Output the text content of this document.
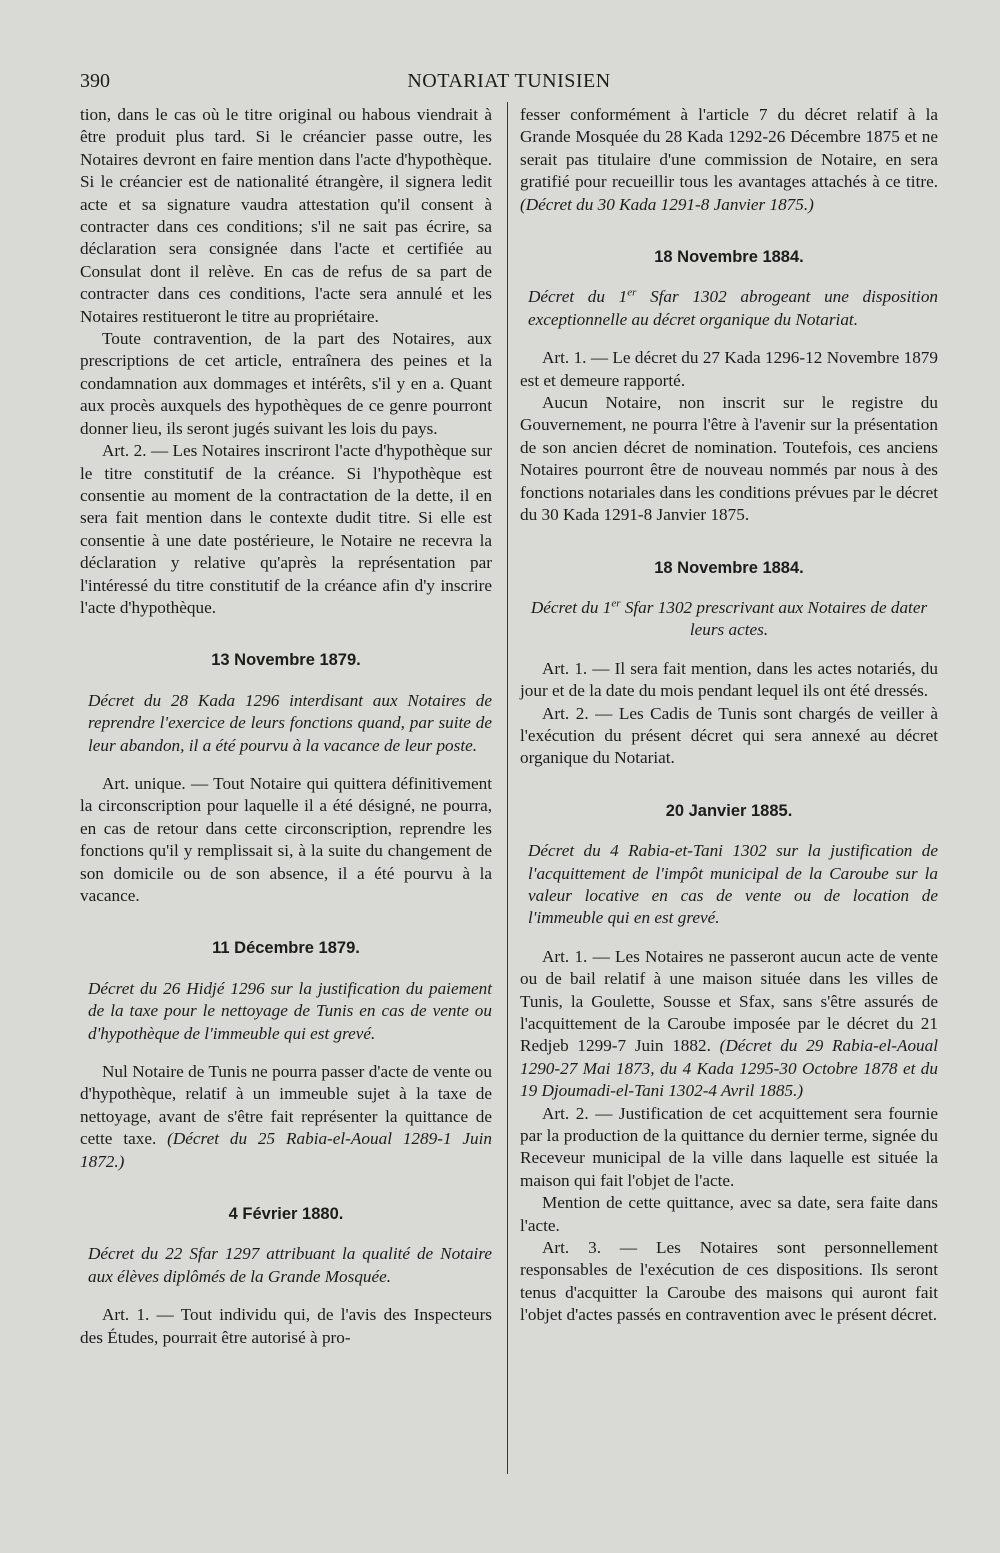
390	NOTARIAT TUNISIEN

tion, dans le cas où le titre original ou habous viendrait à être produit plus tard. Si le créancier passe outre, les Notaires devront en faire mention dans l'acte d'hypothèque. Si le créancier est de nationalité étrangère, il signera ledit acte et sa signature vaudra attestation qu'il consent à contracter dans ces conditions; s'il ne sait pas écrire, sa déclaration sera consignée dans l'acte et certifiée au Consulat dont il relève. En cas de refus de sa part de contracter dans ces conditions, l'acte sera annulé et les Notaires restitueront le titre au propriétaire.

Toute contravention, de la part des Notaires, aux prescriptions de cet article, entraînera des peines et la condamnation aux dommages et intérêts, s'il y en a. Quant aux procès auxquels des hypothèques de ce genre pourront donner lieu, ils seront jugés suivant les lois du pays.

Art. 2. — Les Notaires inscriront l'acte d'hypothèque sur le titre constitutif de la créance. Si l'hypothèque est consentie au moment de la contractation de la dette, il en sera fait mention dans le contexte dudit titre. Si elle est consentie à une date postérieure, le Notaire ne recevra la déclaration y relative qu'après la représentation par l'intéressé du titre constitutif de la créance afin d'y inscrire l'acte d'hypothèque.

13 Novembre 1879.

Décret du 28 Kada 1296 interdisant aux Notaires de reprendre l'exercice de leurs fonctions quand, par suite de leur abandon, il a été pourvu à la vacance de leur poste.

Art. unique. — Tout Notaire qui quittera définitivement la circonscription pour laquelle il a été désigné, ne pourra, en cas de retour dans cette circonscription, reprendre les fonctions qu'il y remplissait si, à la suite du changement de son domicile ou de son absence, il a été pourvu à la vacance.

11 Décembre 1879.

Décret du 26 Hidjé 1296 sur la justification du paiement de la taxe pour le nettoyage de Tunis en cas de vente ou d'hypothèque de l'immeuble qui est grevé.

Nul Notaire de Tunis ne pourra passer d'acte de vente ou d'hypothèque, relatif à un immeuble sujet à la taxe de nettoyage, avant de s'être fait représenter la quittance de cette taxe. (Décret du 25 Rabia-el-Aoual 1289-1 Juin 1872.)

4 Février 1880.

Décret du 22 Sfar 1297 attribuant la qualité de Notaire aux élèves diplômés de la Grande Mosquée.

Art. 1. — Tout individu qui, de l'avis des Inspecteurs des Études, pourrait être autorisé à pro-

fesser conformément à l'article 7 du décret relatif à la Grande Mosquée du 28 Kada 1292-26 Décembre 1875 et ne serait pas titulaire d'une commission de Notaire, en sera gratifié pour recueillir tous les avantages attachés à ce titre. (Décret du 30 Kada 1291-8 Janvier 1875.)

18 Novembre 1884.

Décret du 1er Sfar 1302 abrogeant une disposition exceptionnelle au décret organique du Notariat.

Art. 1. — Le décret du 27 Kada 1296-12 Novembre 1879 est et demeure rapporté.

Aucun Notaire, non inscrit sur le registre du Gouvernement, ne pourra l'être à l'avenir sur la présentation de son ancien décret de nomination. Toutefois, ces anciens Notaires pourront être de nouveau nommés par nous à des fonctions notariales dans les conditions prévues par le décret du 30 Kada 1291-8 Janvier 1875.

18 Novembre 1884.

Décret du 1er Sfar 1302 prescrivant aux Notaires de dater leurs actes.

Art. 1. — Il sera fait mention, dans les actes notariés, du jour et de la date du mois pendant lequel ils ont été dressés.

Art. 2. — Les Cadis de Tunis sont chargés de veiller à l'exécution du présent décret qui sera annexé au décret organique du Notariat.

20 Janvier 1885.

Décret du 4 Rabia-et-Tani 1302 sur la justification de l'acquittement de l'impôt municipal de la Caroube sur la valeur locative en cas de vente ou de location de l'immeuble qui en est grevé.

Art. 1. — Les Notaires ne passeront aucun acte de vente ou de bail relatif à une maison située dans les villes de Tunis, la Goulette, Sousse et Sfax, sans s'être assurés de l'acquittement de la Caroube imposée par le décret du 21 Redjeb 1299-7 Juin 1882. (Décret du 29 Rabia-el-Aoual 1290-27 Mai 1873, du 4 Kada 1295-30 Octobre 1878 et du 19 Djoumadi-el-Tani 1302-4 Avril 1885.)

Art. 2. — Justification de cet acquittement sera fournie par la production de la quittance du dernier terme, signée du Receveur municipal de la ville dans laquelle est située la maison qui fait l'objet de l'acte.

Mention de cette quittance, avec sa date, sera faite dans l'acte.

Art. 3. — Les Notaires sont personnellement responsables de l'exécution de ces dispositions. Ils seront tenus d'acquitter la Caroube des maisons qui auront fait l'objet d'actes passés en contravention avec le présent décret.
